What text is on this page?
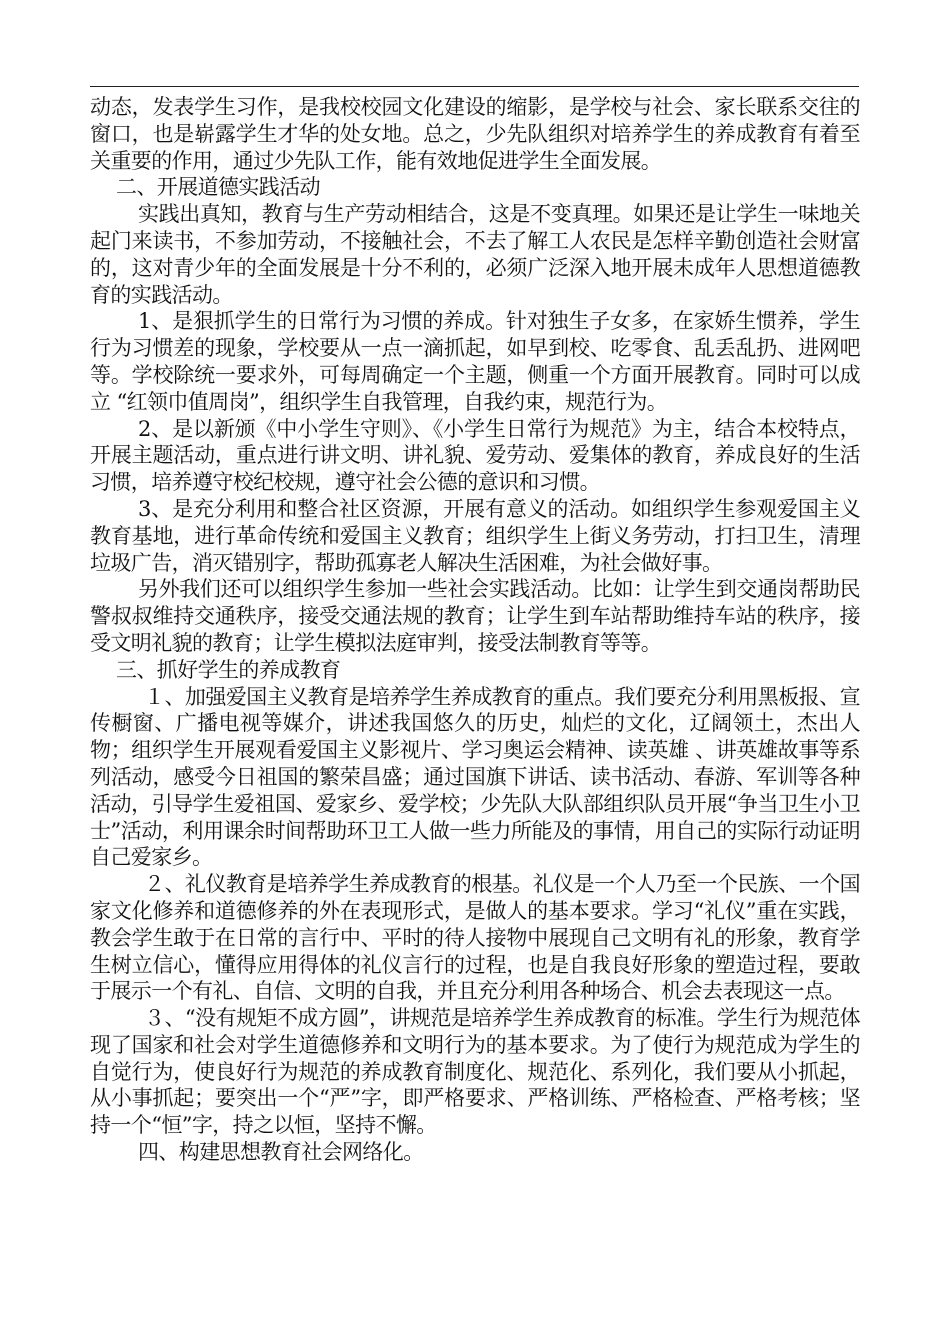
动态，发表学生习作，是我校校园文化建设的缩影，是学校与社会、家长联系交往的窗口，也是崭露学生才华的处女地。总之，少先队组织对培养学生的养成教育有着至关重要的作用，通过少先队工作，能有效地促进学生全面发展。

二、开展道德实践活动

实践出真知，教育与生产劳动相结合，这是不变真理。如果还是让学生一味地关起门来读书，不参加劳动，不接触社会，不去了解工人农民是怎样辛勤创造社会财富的，这对青少年的全面发展是十分不利的，必须广泛深入地开展未成年人思想道德教育的实践活动。

1、是狠抓学生的日常行为习惯的养成。针对独生子女多，在家娇生惯养，学生行为习惯差的现象，学校要从一点一滴抓起，如早到校、吃零食、乱丢乱扔、进网吧等。学校除统一要求外，可每周确定一个主题，侧重一个方面开展教育。同时可以成立 “红领巾值周岗”，组织学生自我管理，自我约束，规范行为。

2、是以新颁《中小学生守则》、《小学生日常行为规范》为主，结合本校特点，开展主题活动，重点进行讲文明、讲礼貌、爱劳动、爱集体的教育，养成良好的生活习惯，培养遵守校纪校规，遵守社会公德的意识和习惯。

3、是充分利用和整合社区资源，开展有意义的活动。如组织学生参观爱国主义教育基地，进行革命传统和爱国主义教育；组织学生上街义务劳动，打扫卫生，清理垃圾广告，消灭错别字，帮助孤寡老人解决生活困难，为社会做好事。

另外我们还可以组织学生参加一些社会实践活动。比如：让学生到交通岗帮助民警叔叔维持交通秩序，接受交通法规的教育；让学生到车站帮助维持车站的秩序，接受文明礼貌的教育；让学生模拟法庭审判，接受法制教育等等。

三、抓好学生的养成教育

１、加强爱国主义教育是培养学生养成教育的重点。我们要充分利用黑板报、宣传橱窗、广播电视等媒介，讲述我国悠久的历史，灿烂的文化，辽阔领土，杰出人物；组织学生开展观看爱国主义影视片、学习奥运会精神、读英雄 、讲英雄故事等系列活动，感受今日祖国的繁荣昌盛；通过国旗下讲话、读书活动、春游、军训等各种活动，引导学生爱祖国、爱家乡、爱学校；少先队大队部组织队员开展“争当卫生小卫士”活动，利用课余时间帮助环卫工人做一些力所能及的事情，用自己的实际行动证明自己爱家乡。

２、礼仪教育是培养学生养成教育的根基。礼仪是一个人乃至一个民族、一个国家文化修养和道德修养的外在表现形式，是做人的基本要求。学习“礼仪”重在实践，教会学生敢于在日常的言行中、平时的待人接物中展现自己文明有礼的形象，教育学生树立信心，懂得应用得体的礼仪言行的过程，也是自我良好形象的塑造过程，要敢于展示一个有礼、自信、文明的自我，并且充分利用各种场合、机会去表现这一点。

３、“没有规矩不成方圆”，讲规范是培养学生养成教育的标准。学生行为规范体现了国家和社会对学生道德修养和文明行为的基本要求。为了使行为规范成为学生的自觉行为，使良好行为规范的养成教育制度化、规范化、系列化，我们要从小抓起，从小事抓起；要突出一个“严”字，即严格要求、严格训练、严格检查、严格考核；坚持一个“恒”字，持之以恒，坚持不懈。

四、构建思想教育社会网络化。
